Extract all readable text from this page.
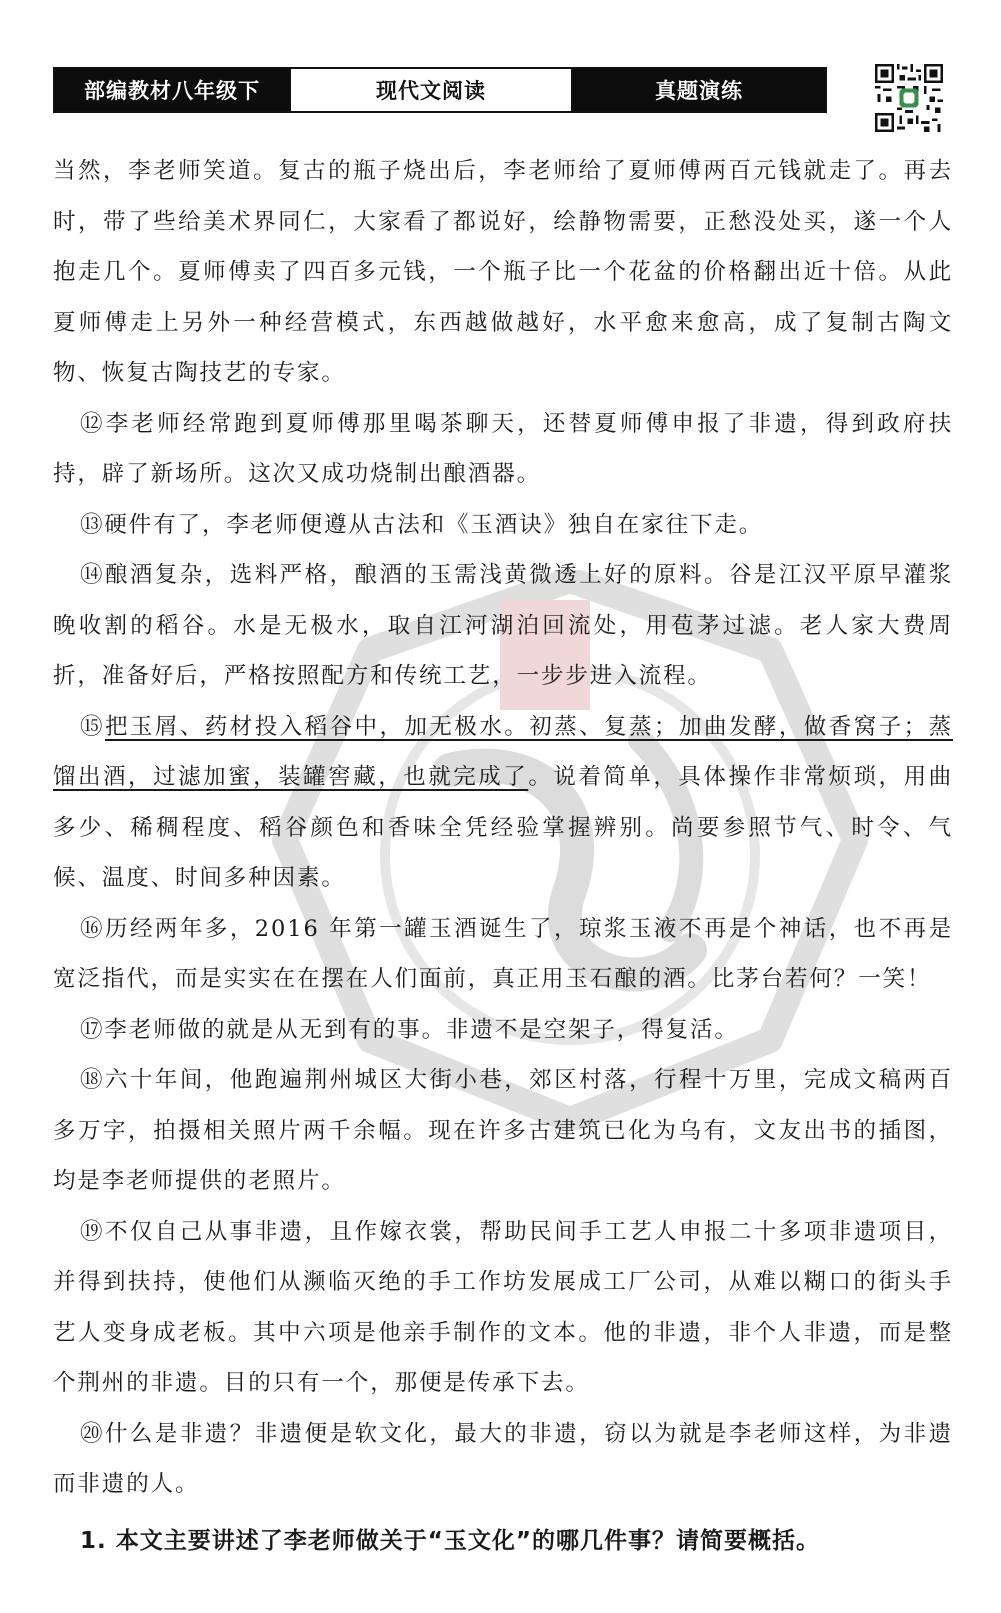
部编教材八年级下	现代文阅读	真题演练

当然，李老师笑道。复古的瓶子烧出后，李老师给了夏师傅两百元钱就走了。再去时，带了些给美术界同仁，大家看了都说好，绘静物需要，正愁没处买，遂一个人抱走几个。夏师傅卖了四百多元钱，一个瓶子比一个花盆的价格翻出近十倍。从此夏师傅走上另外一种经营模式，东西越做越好，水平愈来愈高，成了复制古陶文物、恢复古陶技艺的专家。

⑫李老师经常跑到夏师傅那里喝茶聊天，还替夏师傅申报了非遗，得到政府扶持，辟了新场所。这次又成功烧制出酿酒器。

⑬硬件有了，李老师便遵从古法和《玉酒诀》独自在家往下走。

⑭酿酒复杂，选料严格，酿酒的玉需浅黄微透上好的原料。谷是江汉平原早灌浆晚收割的稻谷。水是无极水，取自江河湖泊回流处，用苞茅过滤。老人家大费周折，准备好后，严格按照配方和传统工艺，一步步进入流程。

⑮把玉屑、药材投入稻谷中，加无极水。初蒸、复蒸；加曲发酵，做香窝子；蒸馏出酒，过滤加蜜，装罐窖藏，也就完成了。说着简单，具体操作非常烦琐，用曲多少、稀稠程度、稻谷颜色和香味全凭经验掌握辨别。尚要参照节气、时令、气候、温度、时间多种因素。

⑯历经两年多，2016 年第一罐玉酒诞生了，琼浆玉液不再是个神话，也不再是宽泛指代，而是实实在在摆在人们面前，真正用玉石酿的酒。比茅台若何？一笑！

⑰李老师做的就是从无到有的事。非遗不是空架子，得复活。

⑱六十年间，他跑遍荆州城区大街小巷，郊区村落，行程十万里，完成文稿两百多万字，拍摄相关照片两千余幅。现在许多古建筑已化为乌有，文友出书的插图，均是李老师提供的老照片。

⑲不仅自己从事非遗，且作嫁衣裳，帮助民间手工艺人申报二十多项非遗项目，并得到扶持，使他们从濒临灭绝的手工作坊发展成工厂公司，从难以糊口的街头手艺人变身成老板。其中六项是他亲手制作的文本。他的非遗，非个人非遗，而是整个荆州的非遗。目的只有一个，那便是传承下去。

⑳什么是非遗？非遗便是软文化，最大的非遗，窃以为就是李老师这样，为非遗而非遗的人。

1. 本文主要讲述了李老师做关于“玉文化”的哪几件事？请简要概括。
